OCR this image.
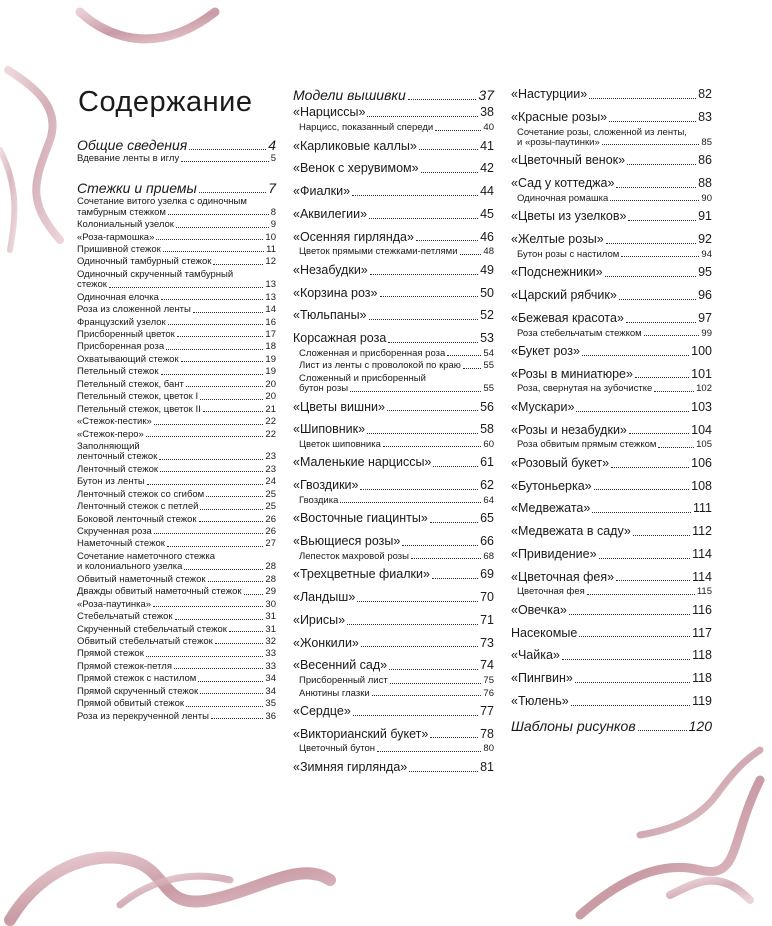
Содержание
Общие сведения	4
Вдевание ленты в иглу	5
Стежки и приемы	7
Сочетание витого узелка с одиночным
тамбурным стежком	8
Колониальный узелок	9
«Роза-гармошка»	10
Пришивной стежок	11
Одиночный тамбурный стежок	12
Одиночный скрученный тамбурный
стежок	13
Одиночная елочка	13
Роза из сложенной ленты	14
Французский узелок	16
Присборенный цветок	17
Присборенная роза	18
Охватывающий стежок	19
Петельный стежок	19
Петельный стежок, бант	20
Петельный стежок, цветок I	20
Петельный стежок, цветок II	21
«Стежок-пестик»	22
«Стежок-перо»	22
Заполняющий
ленточный стежок	23
Ленточный стежок	23
Бутон из ленты	24
Ленточный стежок со сгибом	25
Ленточный стежок с петлей	25
Боковой ленточный стежок	26
Скрученная роза	26
Наметочный стежок	27
Сочетание наметочного стежка
и колониального узелка	28
Обвитый наметочный стежок	28
Дважды обвитый наметочный стежок	29
«Роза-паутинка»	30
Стебельчатый стежок	31
Скрученный стебельчатый стежок	31
Обвитый стебельчатый стежок	32
Прямой стежок	33
Прямой стежок-петля	33
Прямой стежок с настилом	34
Прямой скрученный стежок	34
Прямой обвитый стежок	35
Роза из перекрученной ленты	36
Модели вышивки	37
«Нарциссы»	38
Нарцисс, показанный спереди	40
«Карликовые каллы»	41
«Венок с херувимом»	42
«Фиалки»	44
«Аквилегии»	45
«Осенняя гирлянда»	46
Цветок прямыми стежками-петлями	48
«Незабудки»	49
«Корзина роз»	50
«Тюльпаны»	52
Корсажная роза	53
Сложенная и присборенная роза	54
Лист из ленты с проволокой по краю 55
Сложенный и присборенный
бутон розы	55
«Цветы вишни»	56
«Шиповник»	58
Цветок шиповника	60
«Маленькие нарциссы»	61
«Гвоздики»	62
Гвоздика	64
«Восточные гиацинты»	65
«Вьющиеся розы»	66
Лепесток махровой розы	68
«Трехцветные фиалки»	69
«Ландыш»	70
«Ирисы»	71
«Жонкили»	73
«Весенний сад»	74
Присборенный лист	75
Анютины глазки	76
«Сердце»	77
«Викторианский букет»	78
Цветочный бутон	80
«Зимняя гирлянда»	81
«Настурции»	82
«Красные розы»	83
Сочетание розы, сложенной из ленты,
и «розы-паутинки»	85
«Цветочный венок»	86
«Сад у коттеджа»	88
Одиночная ромашка	90
«Цветы из узелков»	91
«Желтые розы»	92
Бутон розы с настилом	94
«Подснежники»	95
«Царский рябчик»	96
«Бежевая красота»	97
Роза стебельчатым стежком	99
«Букет роз»	100
«Розы в миниатюре»	101
Роза, свернутая на зубочистке	102
«Мускари»	103
«Розы и незабудки»	104
Роза обвитым прямым стежком	105
«Розовый букет»	106
«Бутоньерка»	108
«Медвежата»	111
«Медвежата в саду»	112
«Привидение»	114
«Цветочная фея»	114
Цветочная фея	115
«Овечка»	116
Насекомые	117
«Чайка»	118
«Пингвин»	118
«Тюлень»	119
Шаблоны рисунков	120
